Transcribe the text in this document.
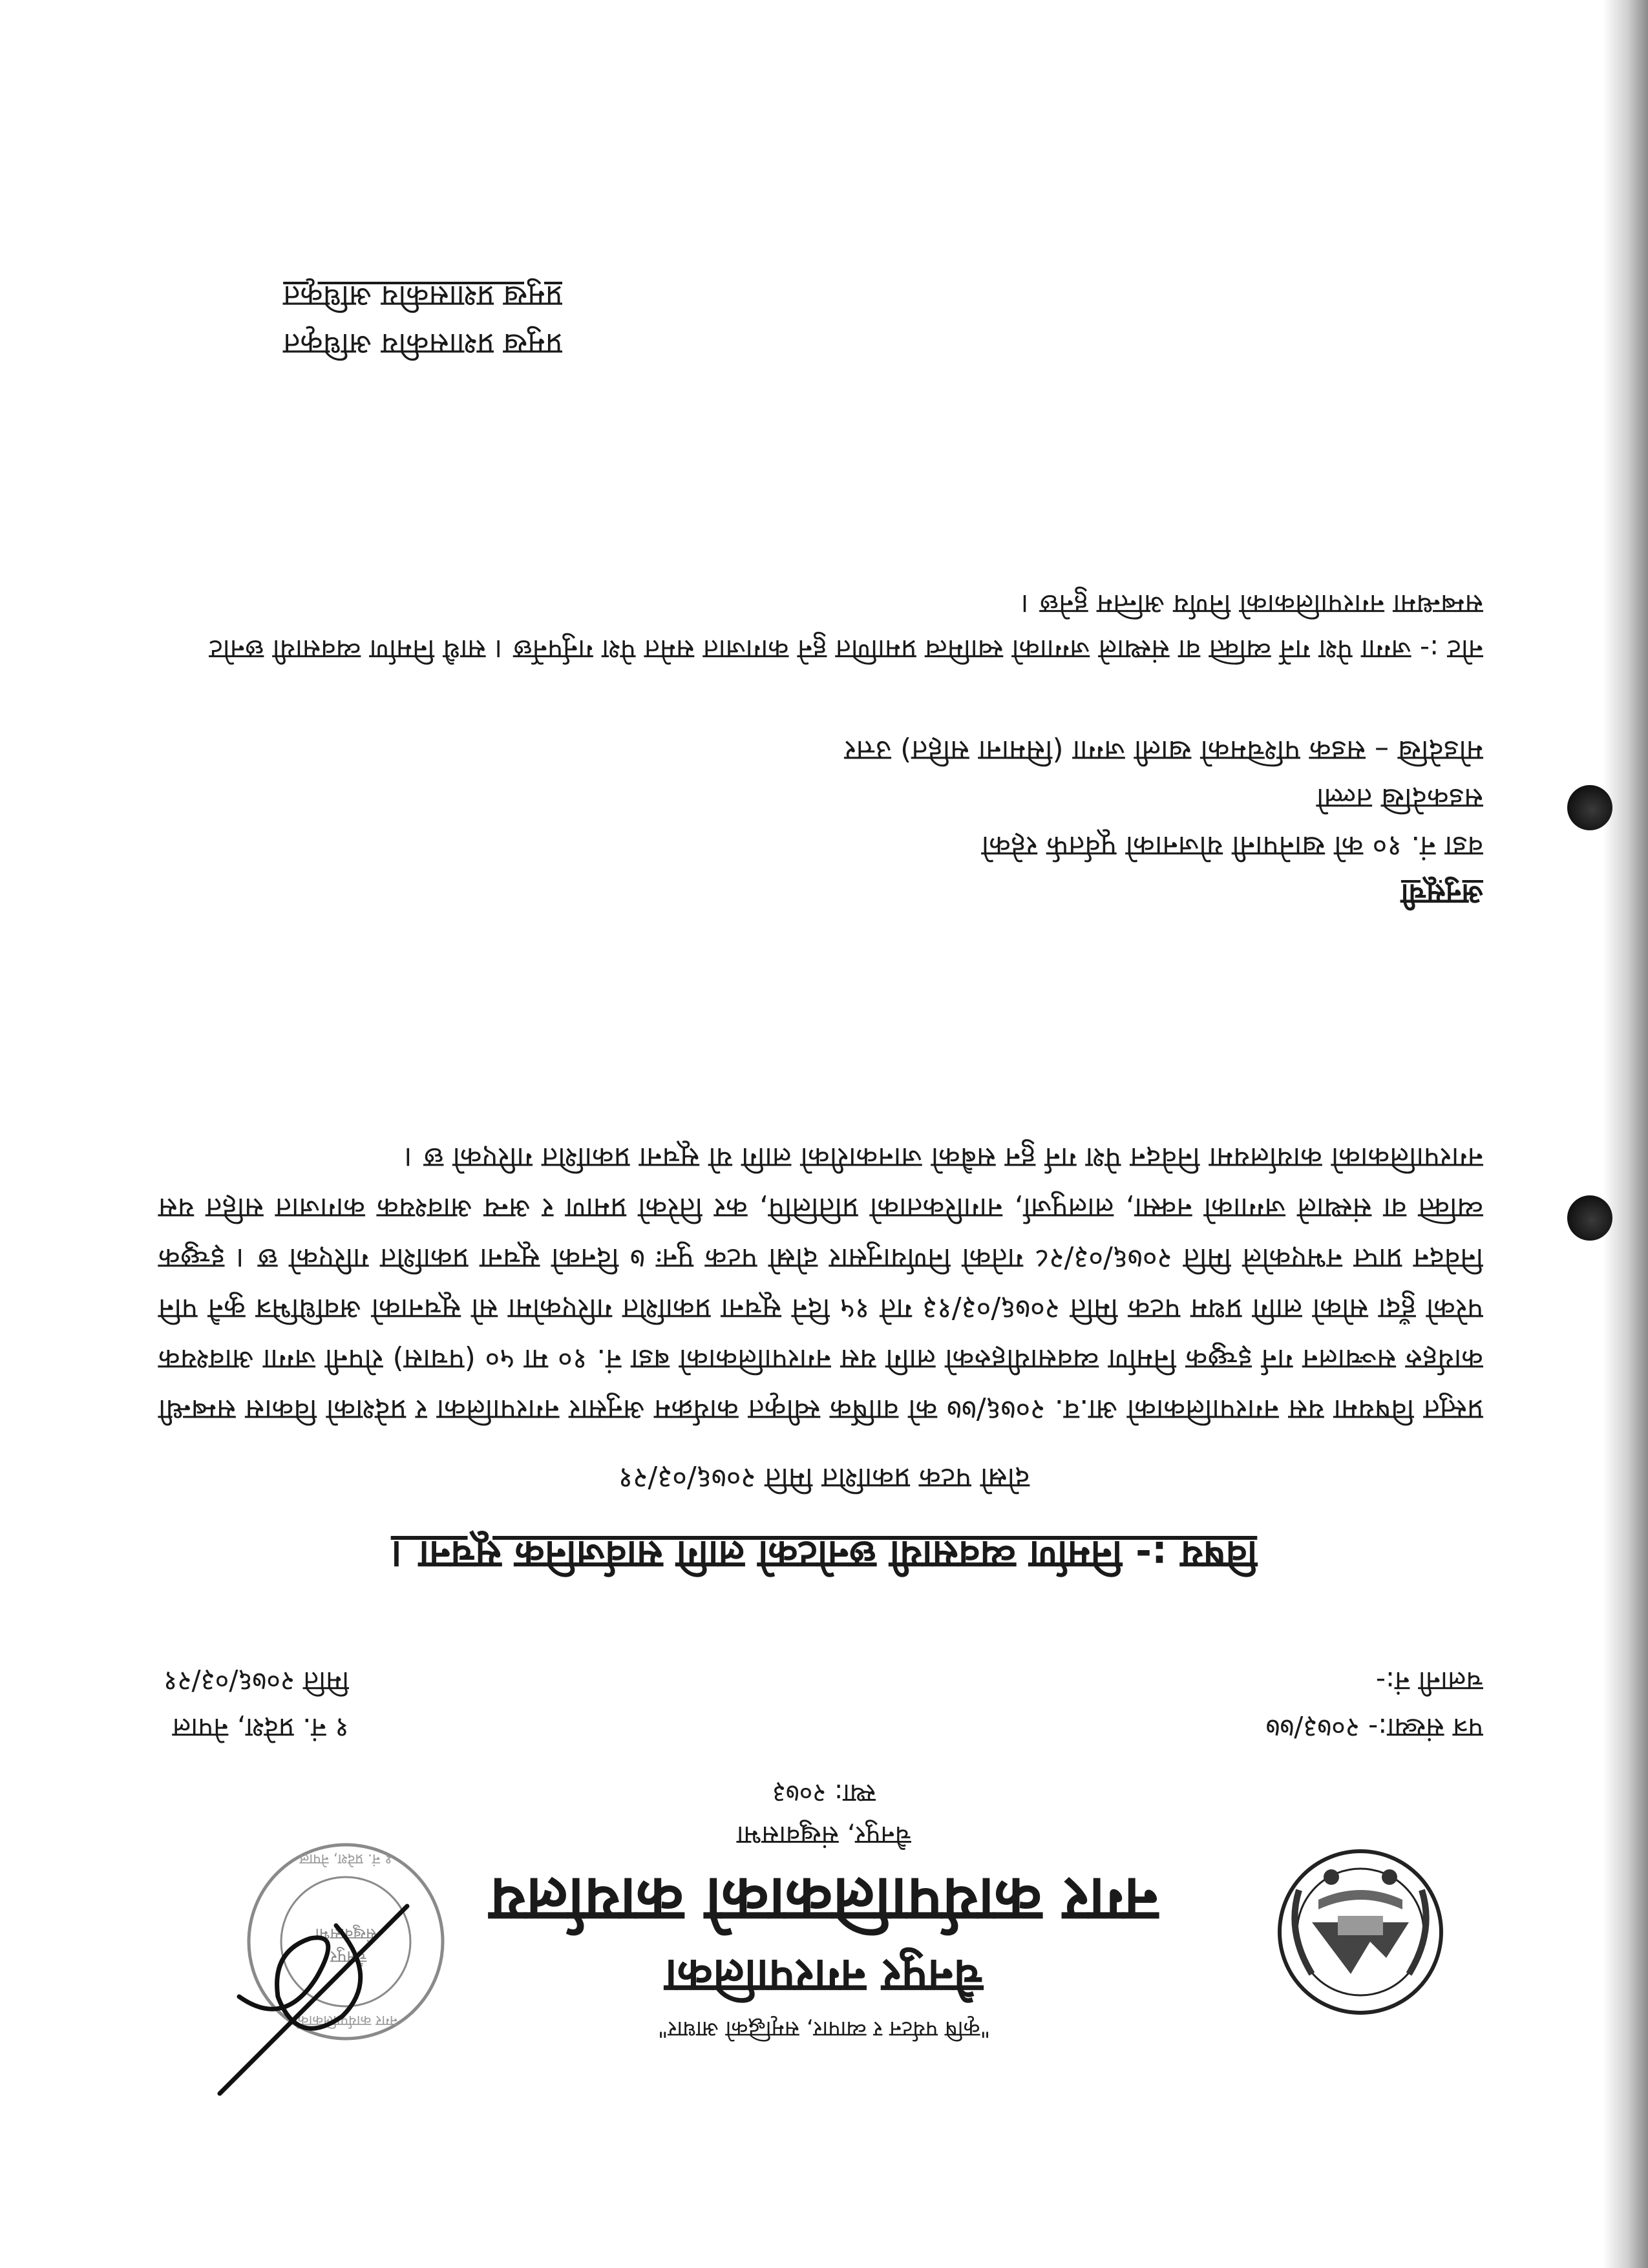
चैनपुर,
संखुवासभा
नगर कार्यपालिकाको
१ नं. प्रदेश, नेपाल
"कृषि पर्यटन र व्यापार, समृद्धिको आधार"
चैनपुर नगरपालिका
नगर कार्यपालिकाको कार्यालय
चैनपुर, संखुवासभा
स्था: २०७३
पत्र संख्या:- २०७३/७७
चलानी नं:-
१ नं. प्रदेश, नेपाल
मिति २०७६/०३/२१
विषय :- निर्माण व्यवसायी छनोटको लागि सार्वजनिक सूचना ।
दोस्रो पटक प्रकाशित मिति २०७६/०३/२१

प्रस्तुत विषयमा यस नगरपालिकाको आ.व. २०७६/७७ को वार्षिक स्वीकृत कार्यक्रम अनुसार नगरपालिका र प्रदेशको विकास सम्बन्धी कार्यहरु सञ्चालन गर्न इच्छुक निर्माण व्यवसायीहरुको लागि यस नगरपालिकाको बडा नं. १० मा ५० (पचास) रोपनी जग्गा आवश्यक परेको हुँदा सोको लागि प्रथम पटक मिति २०७६/०३/१३ गते १५ दिने सूचना प्रकाशित गरिएकोमा सो सूचनाको अवधिभित्र कुनै पनि निवेदन प्राप्त नभएकोले मिति २०७६/०३/२८ गतेको निर्णयानुसार दोस्रो पटक पुनः ७ दिनको सूचना प्रकाशित गरिएको छ । इच्छुक व्यक्ति वा संस्थाले जग्गाको नक्सा, लालपुर्जा, नागरिकताको प्रतिलिपि, कर तिरेको प्रमाण र अन्य आवश्यक कागजात सहित यस नगरपालिकाको कार्यालयमा निवेदन पेश गर्न हुन सबैको जानकारीको लागि यो सूचना प्रकाशित गरिएको छ ।

अनुसूची
वडा नं. १० को खानेपानी योजनाको पूर्वतर्फ रहेको
सडकदेखि तल्लो
मोडदेखि – सडक पश्चिमको खाली जग्गा (सिमाना सहित) उत्तर
नोट :- जग्गा पेश गर्ने व्यक्ति वा संस्थाले जग्गाको स्वामित्व प्रमाणित हुने कागजात समेत पेश गर्नुपर्नेछ । साथै निर्माण व्यवसायी छनोट सम्बन्धमा नगरपालिकाको निर्णय अन्तिम हुनेछ ।
प्रमुख प्रशासकीय अधिकृत
प्रमुख प्रशासकीय अधिकृत
